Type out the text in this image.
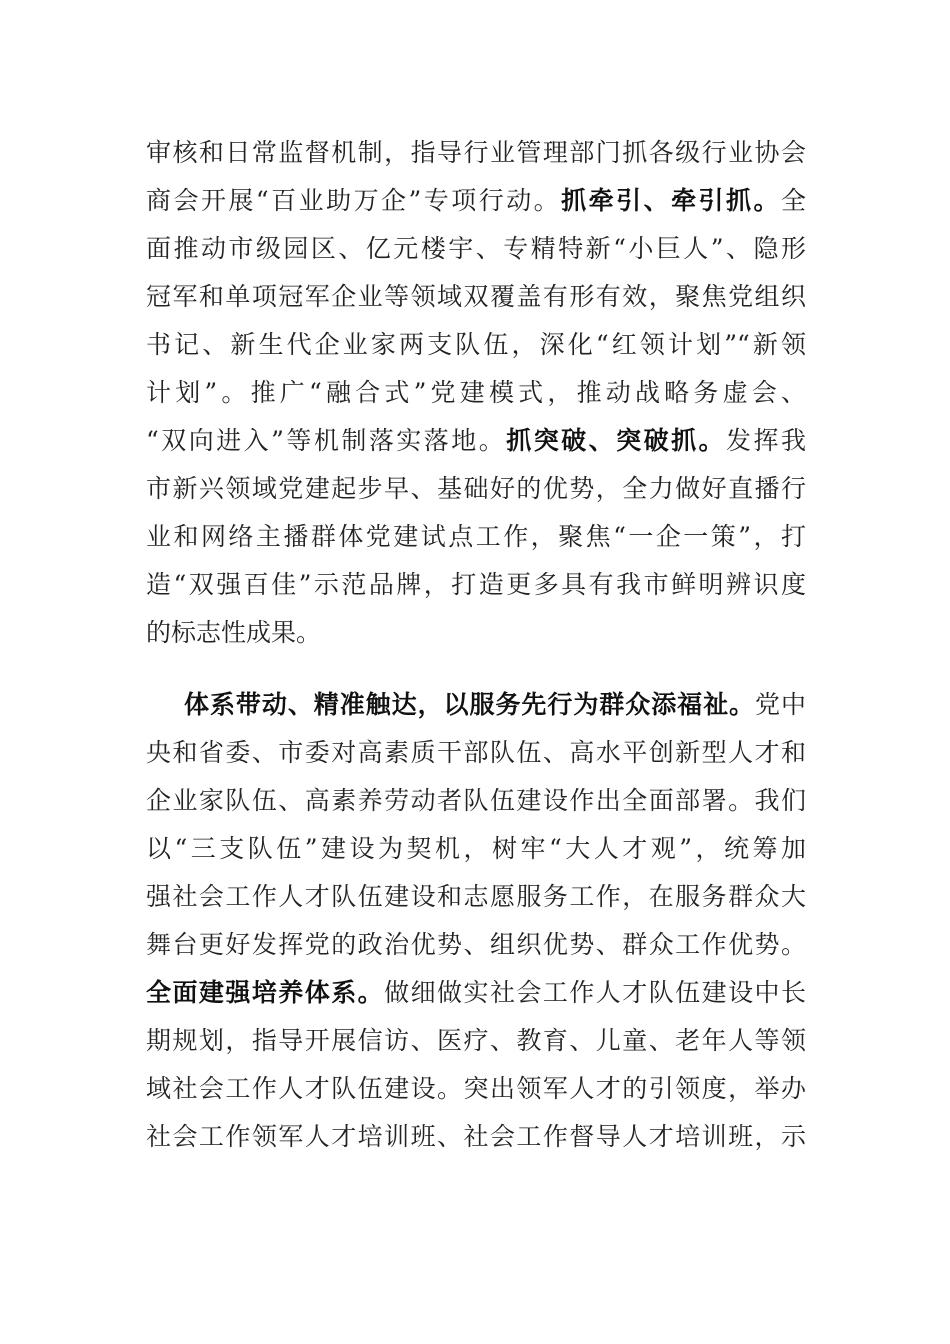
审核和日常监督机制，指导行业管理部门抓各级行业协会
商会开展“百业助万企”专项行动。抓牵引、牵引抓。全
面推动市级园区、亿元楼宇、专精特新“小巨人”、隐形
冠军和单项冠军企业等领域双覆盖有形有效，聚焦党组织
书记、新生代企业家两支队伍，深化“红领计划”“新领
计划”。推广“融合式”党建模式，推动战略务虚会、
“双向进入”等机制落实落地。抓突破、突破抓。发挥我
市新兴领域党建起步早、基础好的优势，全力做好直播行
业和网络主播群体党建试点工作，聚焦“一企一策”，打
造“双强百佳”示范品牌，打造更多具有我市鲜明辨识度
的标志性成果。
体系带动、精准触达，以服务先行为群众添福祉。党中
央和省委、市委对高素质干部队伍、高水平创新型人才和
企业家队伍、高素养劳动者队伍建设作出全面部署。我们
以“三支队伍”建设为契机，树牢“大人才观”，统筹加
强社会工作人才队伍建设和志愿服务工作，在服务群众大
舞台更好发挥党的政治优势、组织优势、群众工作优势。
全面建强培养体系。做细做实社会工作人才队伍建设中长
期规划，指导开展信访、医疗、教育、儿童、老年人等领
域社会工作人才队伍建设。突出领军人才的引领度，举办
社会工作领军人才培训班、社会工作督导人才培训班，示
